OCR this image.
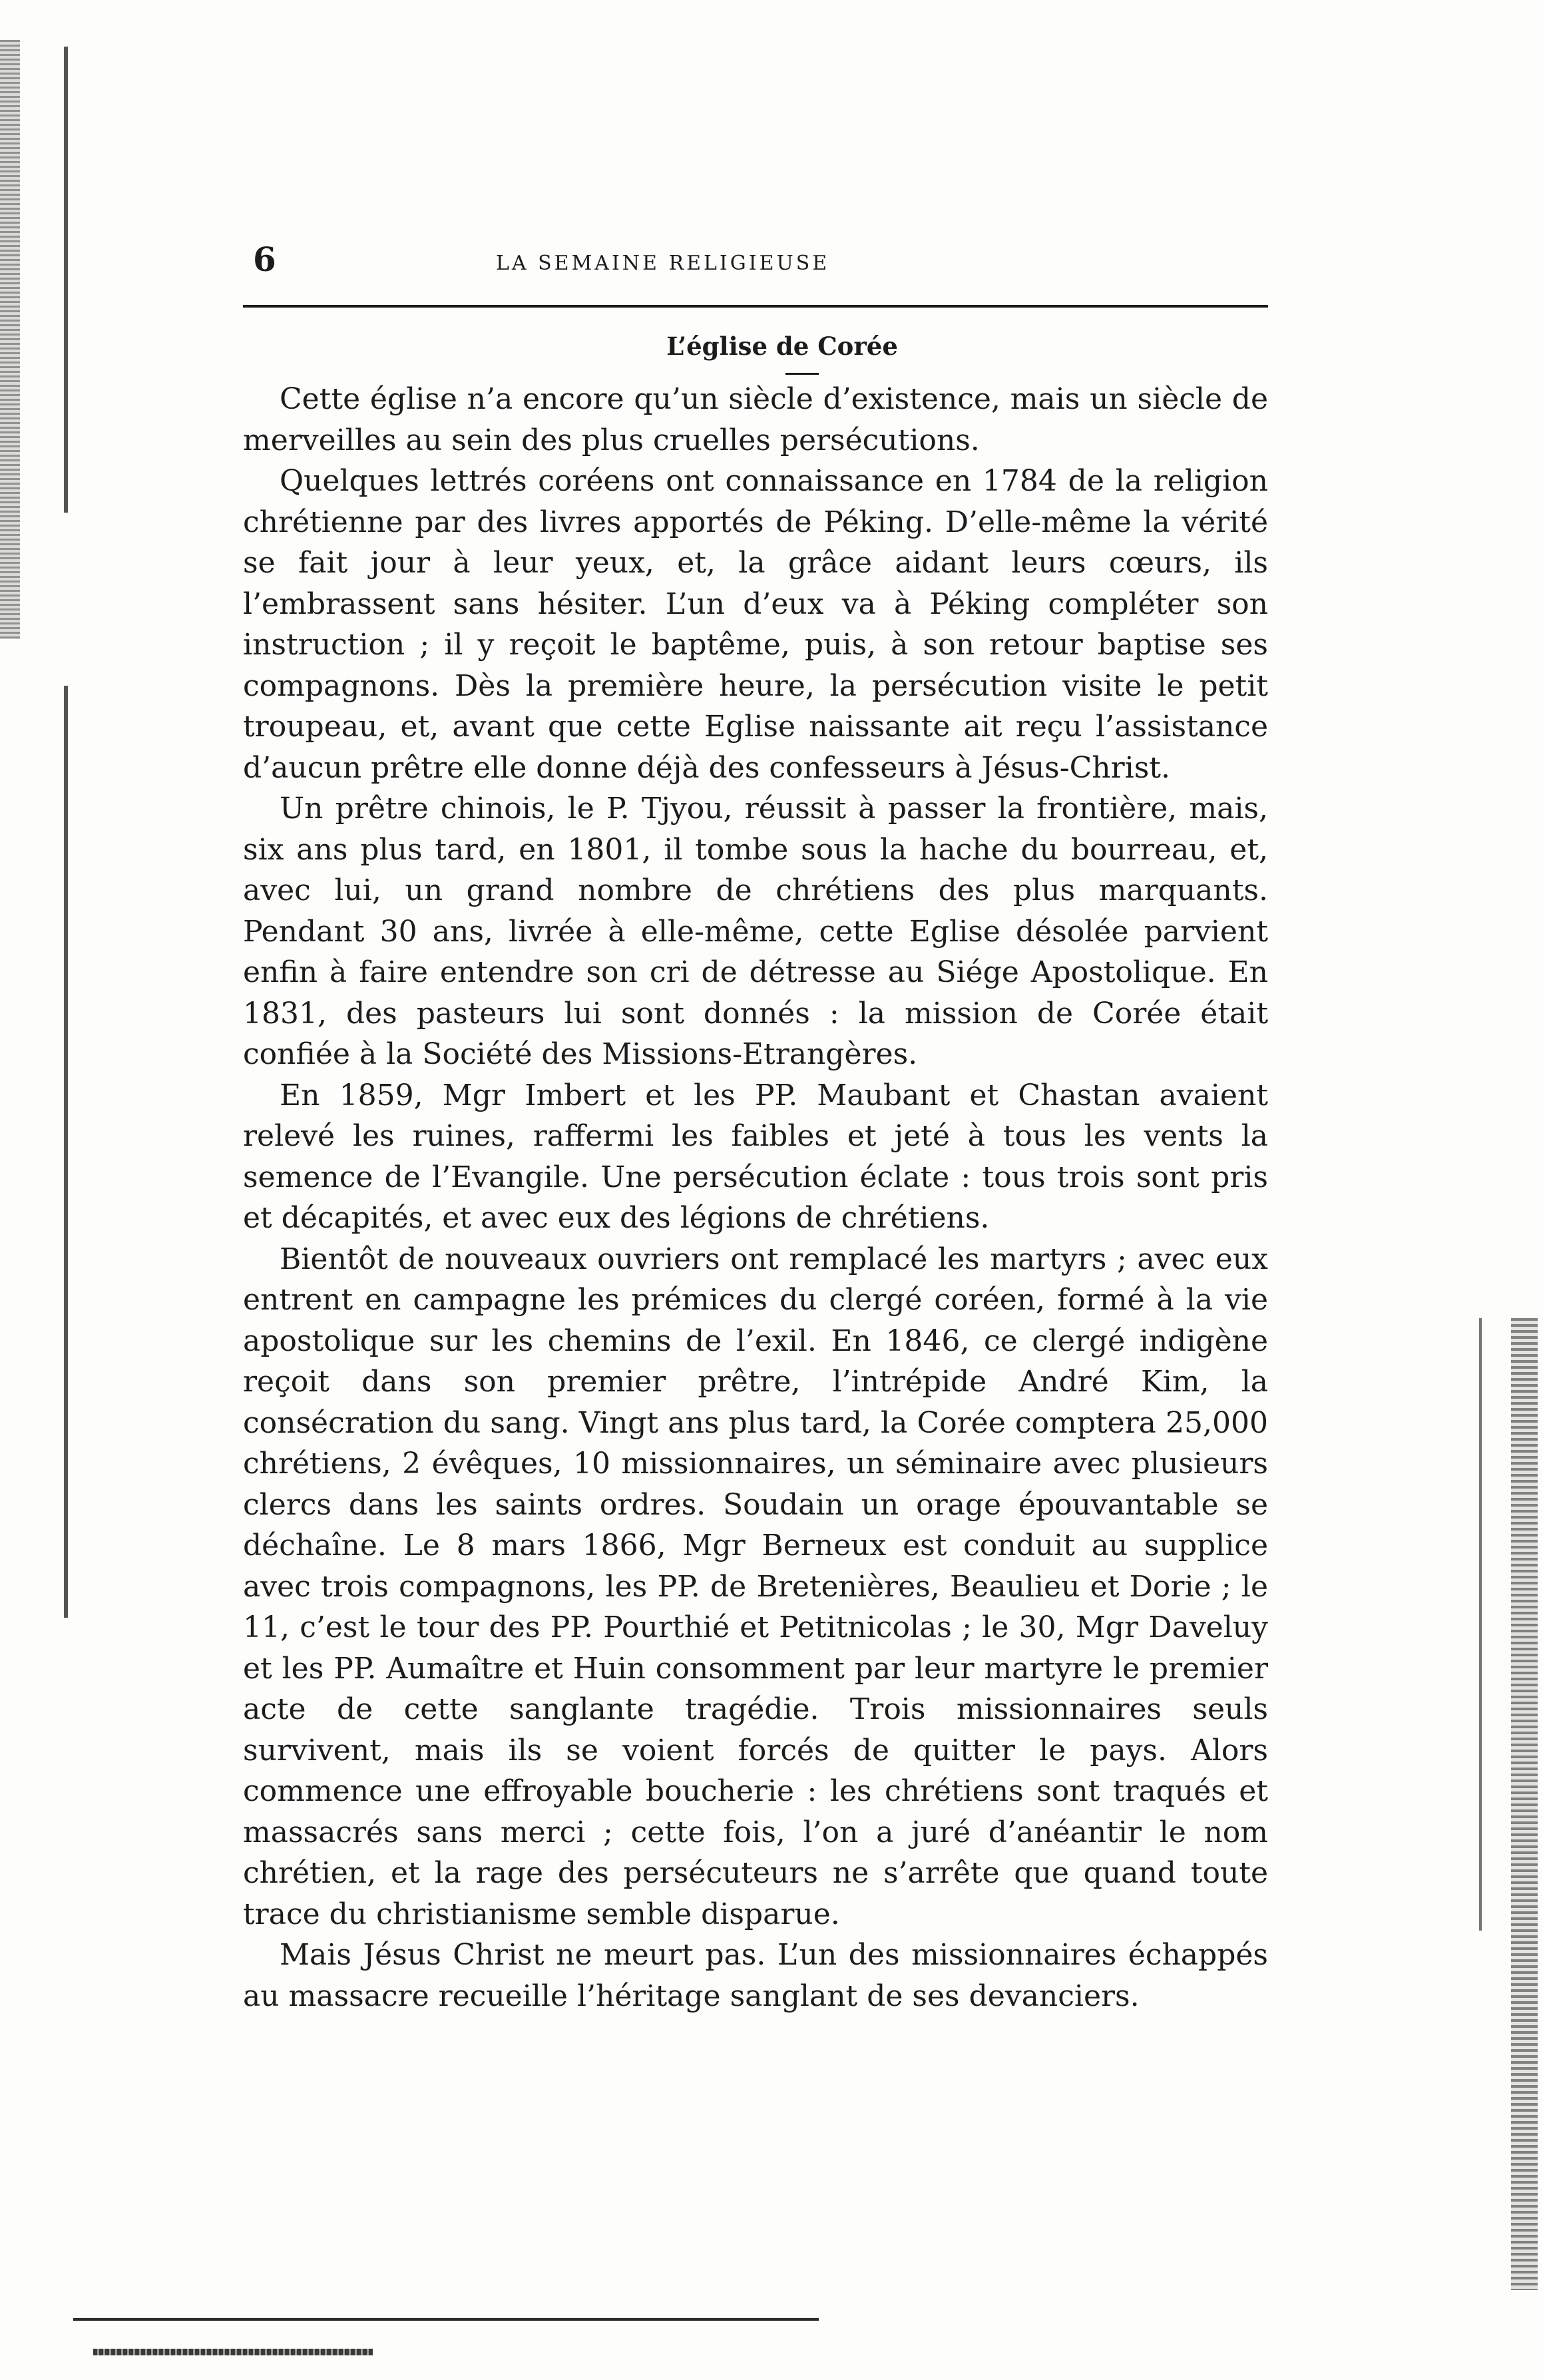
6	LA SEMAINE RELIGIEUSE
L’église de Corée

Cette église n’a encore qu’un siècle d’existence, mais un siècle de merveilles au sein des plus cruelles persécutions.

Quelques lettrés coréens ont connaissance en 1784 de la religion chrétienne par des livres apportés de Péking. D’elle-même la vérité se fait jour à leur yeux, et, la grâce aidant leurs cœurs, ils l’embrassent sans hésiter. L’un d’eux va à Péking compléter son instruction ; il y reçoit le baptême, puis, à son retour baptise ses compagnons. Dès la première heure, la persécution visite le petit troupeau, et, avant que cette Eglise naissante ait reçu l’assistance d’aucun prêtre elle donne déjà des confesseurs à Jésus-Christ.

Un prêtre chinois, le P. Tjyou, réussit à passer la frontière, mais, six ans plus tard, en 1801, il tombe sous la hache du bourreau, et, avec lui, un grand nombre de chrétiens des plus marquants. Pendant 30 ans, livrée à elle-même, cette Eglise désolée parvient enfin à faire entendre son cri de détresse au Siége Apostolique. En 1831, des pasteurs lui sont donnés : la mission de Corée était confiée à la Société des Missions-Etrangères.

En 1859, Mgr Imbert et les PP. Maubant et Chastan avaient relevé les ruines, raffermi les faibles et jeté à tous les vents la semence de l’Evangile. Une persécution éclate : tous trois sont pris et décapités, et avec eux des légions de chrétiens.

Bientôt de nouveaux ouvriers ont remplacé les martyrs ; avec eux entrent en campagne les prémices du clergé coréen, formé à la vie apostolique sur les chemins de l’exil. En 1846, ce clergé indigène reçoit dans son premier prêtre, l’intrépide André Kim, la consécration du sang. Vingt ans plus tard, la Corée comptera 25,000 chrétiens, 2 évêques, 10 missionnaires, un séminaire avec plusieurs clercs dans les saints ordres. Soudain un orage épouvantable se déchaîne. Le 8 mars 1866, Mgr Berneux est conduit au supplice avec trois compagnons, les PP. de Bretenières, Beaulieu et Dorie ; le 11, c’est le tour des PP. Pourthié et Petitnicolas ; le 30, Mgr Daveluy et les PP. Aumaître et Huin consomment par leur martyre le premier acte de cette sanglante tragédie. Trois missionnaires seuls survivent, mais ils se voient forcés de quitter le pays. Alors commence une effroyable boucherie : les chrétiens sont traqués et massacrés sans merci ; cette fois, l’on a juré d’anéantir le nom chrétien, et la rage des persécuteurs ne s’arrête que quand toute trace du christianisme semble disparue.

Mais Jésus Christ ne meurt pas. L’un des missionnaires échappés au massacre recueille l’héritage sanglant de ses devanciers.
